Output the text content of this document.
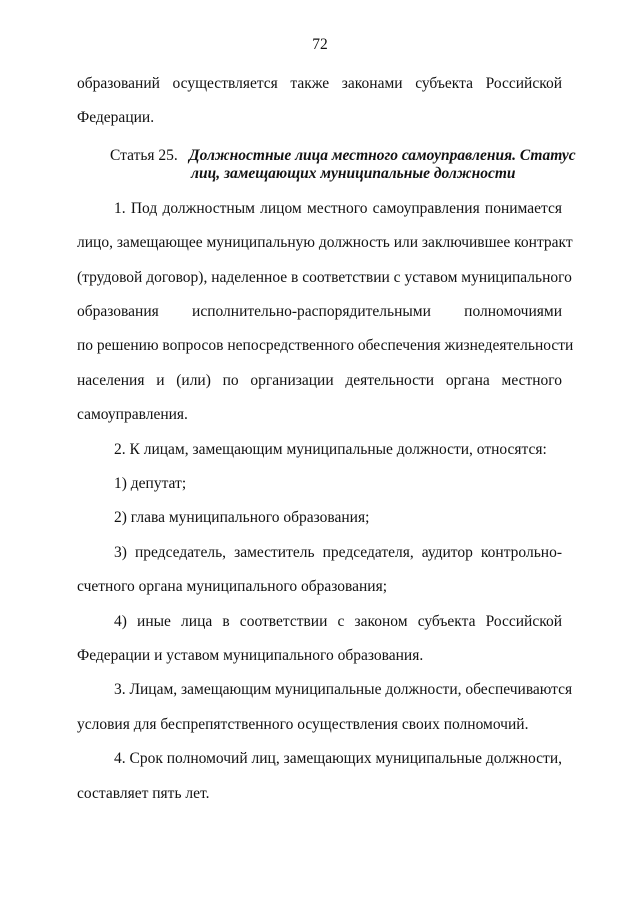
72
образований осуществляется также законами субъекта Российской
Федерации.
Статья 25. Должностные лица местного самоуправления. Статус
лиц, замещающих муниципальные должности
1. Под должностным лицом местного самоуправления понимается
лицо, замещающее муниципальную должность или заключившее контракт
(трудовой договор), наделенное в соответствии с уставом муниципального
образования исполнительно-распорядительными полномочиями
по решению вопросов непосредственного обеспечения жизнедеятельности
населения и (или) по организации деятельности органа местного
самоуправления.
2. К лицам, замещающим муниципальные должности, относятся:
1) депутат;
2) глава муниципального образования;
3) председатель, заместитель председателя, аудитор контрольно-
счетного органа муниципального образования;
4) иные лица в соответствии с законом субъекта Российской
Федерации и уставом муниципального образования.
3. Лицам, замещающим муниципальные должности, обеспечиваются
условия для беспрепятственного осуществления своих полномочий.
4. Срок полномочий лиц, замещающих муниципальные должности,
составляет пять лет.
